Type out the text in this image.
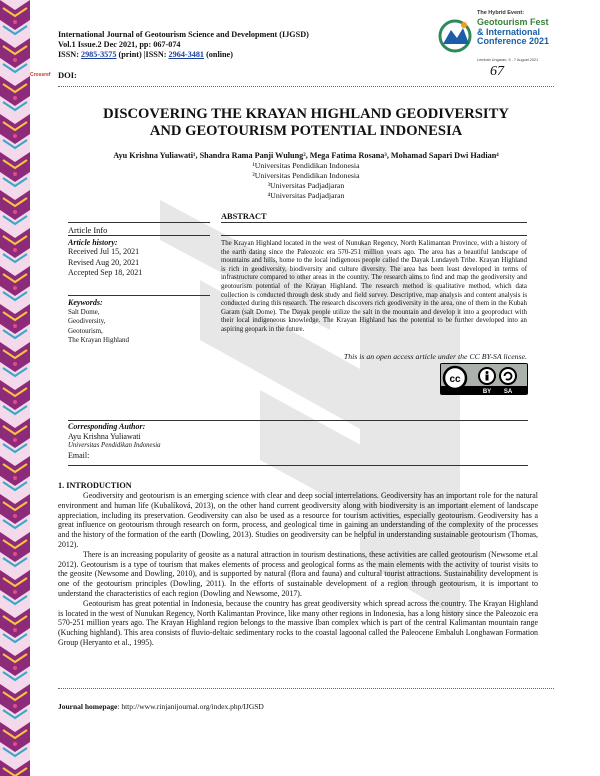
International Journal of Geotourism Science and Development (IJGSD)
Vol.1 Issue.2 Dec 2021, pp: 067-074
ISSN: 2985-3575 (print) |ISSN: 2964-3481 (online)
Crossref DOI:	67
The Hybrid Event:
Geotourism Fest
& International
Conference 2021
Lembah Ungaran, 5 - 7 August 2021
DISCOVERING THE KRAYAN HIGHLAND GEODIVERSITY
AND GEOTOURISM POTENTIAL INDONESIA
Ayu Krishna Yuliawati¹, Shandra Rama Panji Wulung², Mega Fatima Rosana³, Mohamad Sapari Dwi Hadian⁴
¹Universitas Pendidikan Indonesia
²Universitas Pendidikan Indonesia
³Universitas Padjadjaran
⁴Universitas Padjadjaran
Article Info
Article history:
Received Jul 15, 2021
Revised Aug 20, 2021
Accepted Sep 18, 2021
Keywords:
Salt Dome,
Geodiversity,
Geotourism,
The Krayan Highland
ABSTRACT
The Krayan Highland located in the west of Nunukan Regency, North Kalimantan Province, with a history of the earth dating since the Paleozoic era 570-251 million years ago. The area has a beautiful landscape of mountains and hills, home to the local indigenous people called the Dayak Lundayeh Tribe. Krayan Highland is rich in geodiversity, biodiversity and culture diversity. The area has been least developed in terms of infrastructure compared to other areas in the country. The research aims to find and map the geodiversity and geotourism potential of the Krayan Highland. The research method is qualitative method, which data collection is conducted through desk study and field survey. Descriptive, map analysis and content analysis is conducted during this research. The research discovers rich geodiversity in the area, one of them in the Kubah Garam (salt Dome). The Dayak people utilize the salt in the mountain and develop it into a geoproduct with their local indigeneous knowledge. The Krayan Highland has the potential to be further developed into an aspiring geopark in the future.
This is an open access article under the CC BY-SA license.
cc
BY SA
Corresponding Author:
Ayu Krishna Yuliawati
Universitas Pendidikan Indonesia
Email:
1. INTRODUCTION

Geodiversity and geotourism is an emerging science with clear and deep social interrelations. Geodiversity has an important role for the natural environment and human life (Kubalíková, 2013), on the other hand current geodiversity along with biodiversity is an important element of landscape appreciation, including its preservation. Geodiversity can also be used as a resource for tourism activities, especially geotourism. Geodiversity has a great influence on geotourism through research on form, process, and geological time in gaining an understanding of the complexity of the processes and the history of the formation of the earth (Dowling, 2013). Studies on geodiversity can be helpful in understanding sustainable geotourism (Thomas, 2012).

There is an increasing popularity of geosite as a natural attraction in tourism destinations, these activities are called geotourism (Newsome et.al 2012). Geotourism is a type of tourism that makes elements of process and geological forms as the main elements with the activity of tourist visits to the geosite (Newsome and Dowling, 2010), and is supported by natural (flora and fauna) and cultural tourist attractions. Sustainability development is one of the geotourism principles (Dowling, 2011). In the efforts of sustainable development of a region through geotourism, it is important to understand the characteristics of each region (Dowling and Newsome, 2017).

Geotourism has great potential in Indonesia, because the country has great geodiversity which spread across the country. The Krayan Highland is located in the west of Nunukan Regency, North Kalimantan Province, like many other regions in Indonesia, has a long history since the Paleozoic era 570-251 million years ago. The Krayan Highland region belongs to the massive Iban complex which is part of the central Kalimantan mountain range (Kuching highland). This area consists of fluvio-deltaic sedimentary rocks to the coastal lagoonal called the Paleocene Embaluh Longbawan Formation Group (Heryanto et al., 1995).

Journal homepage: http://www.rinjanijournal.org/index.php/IJGSD
